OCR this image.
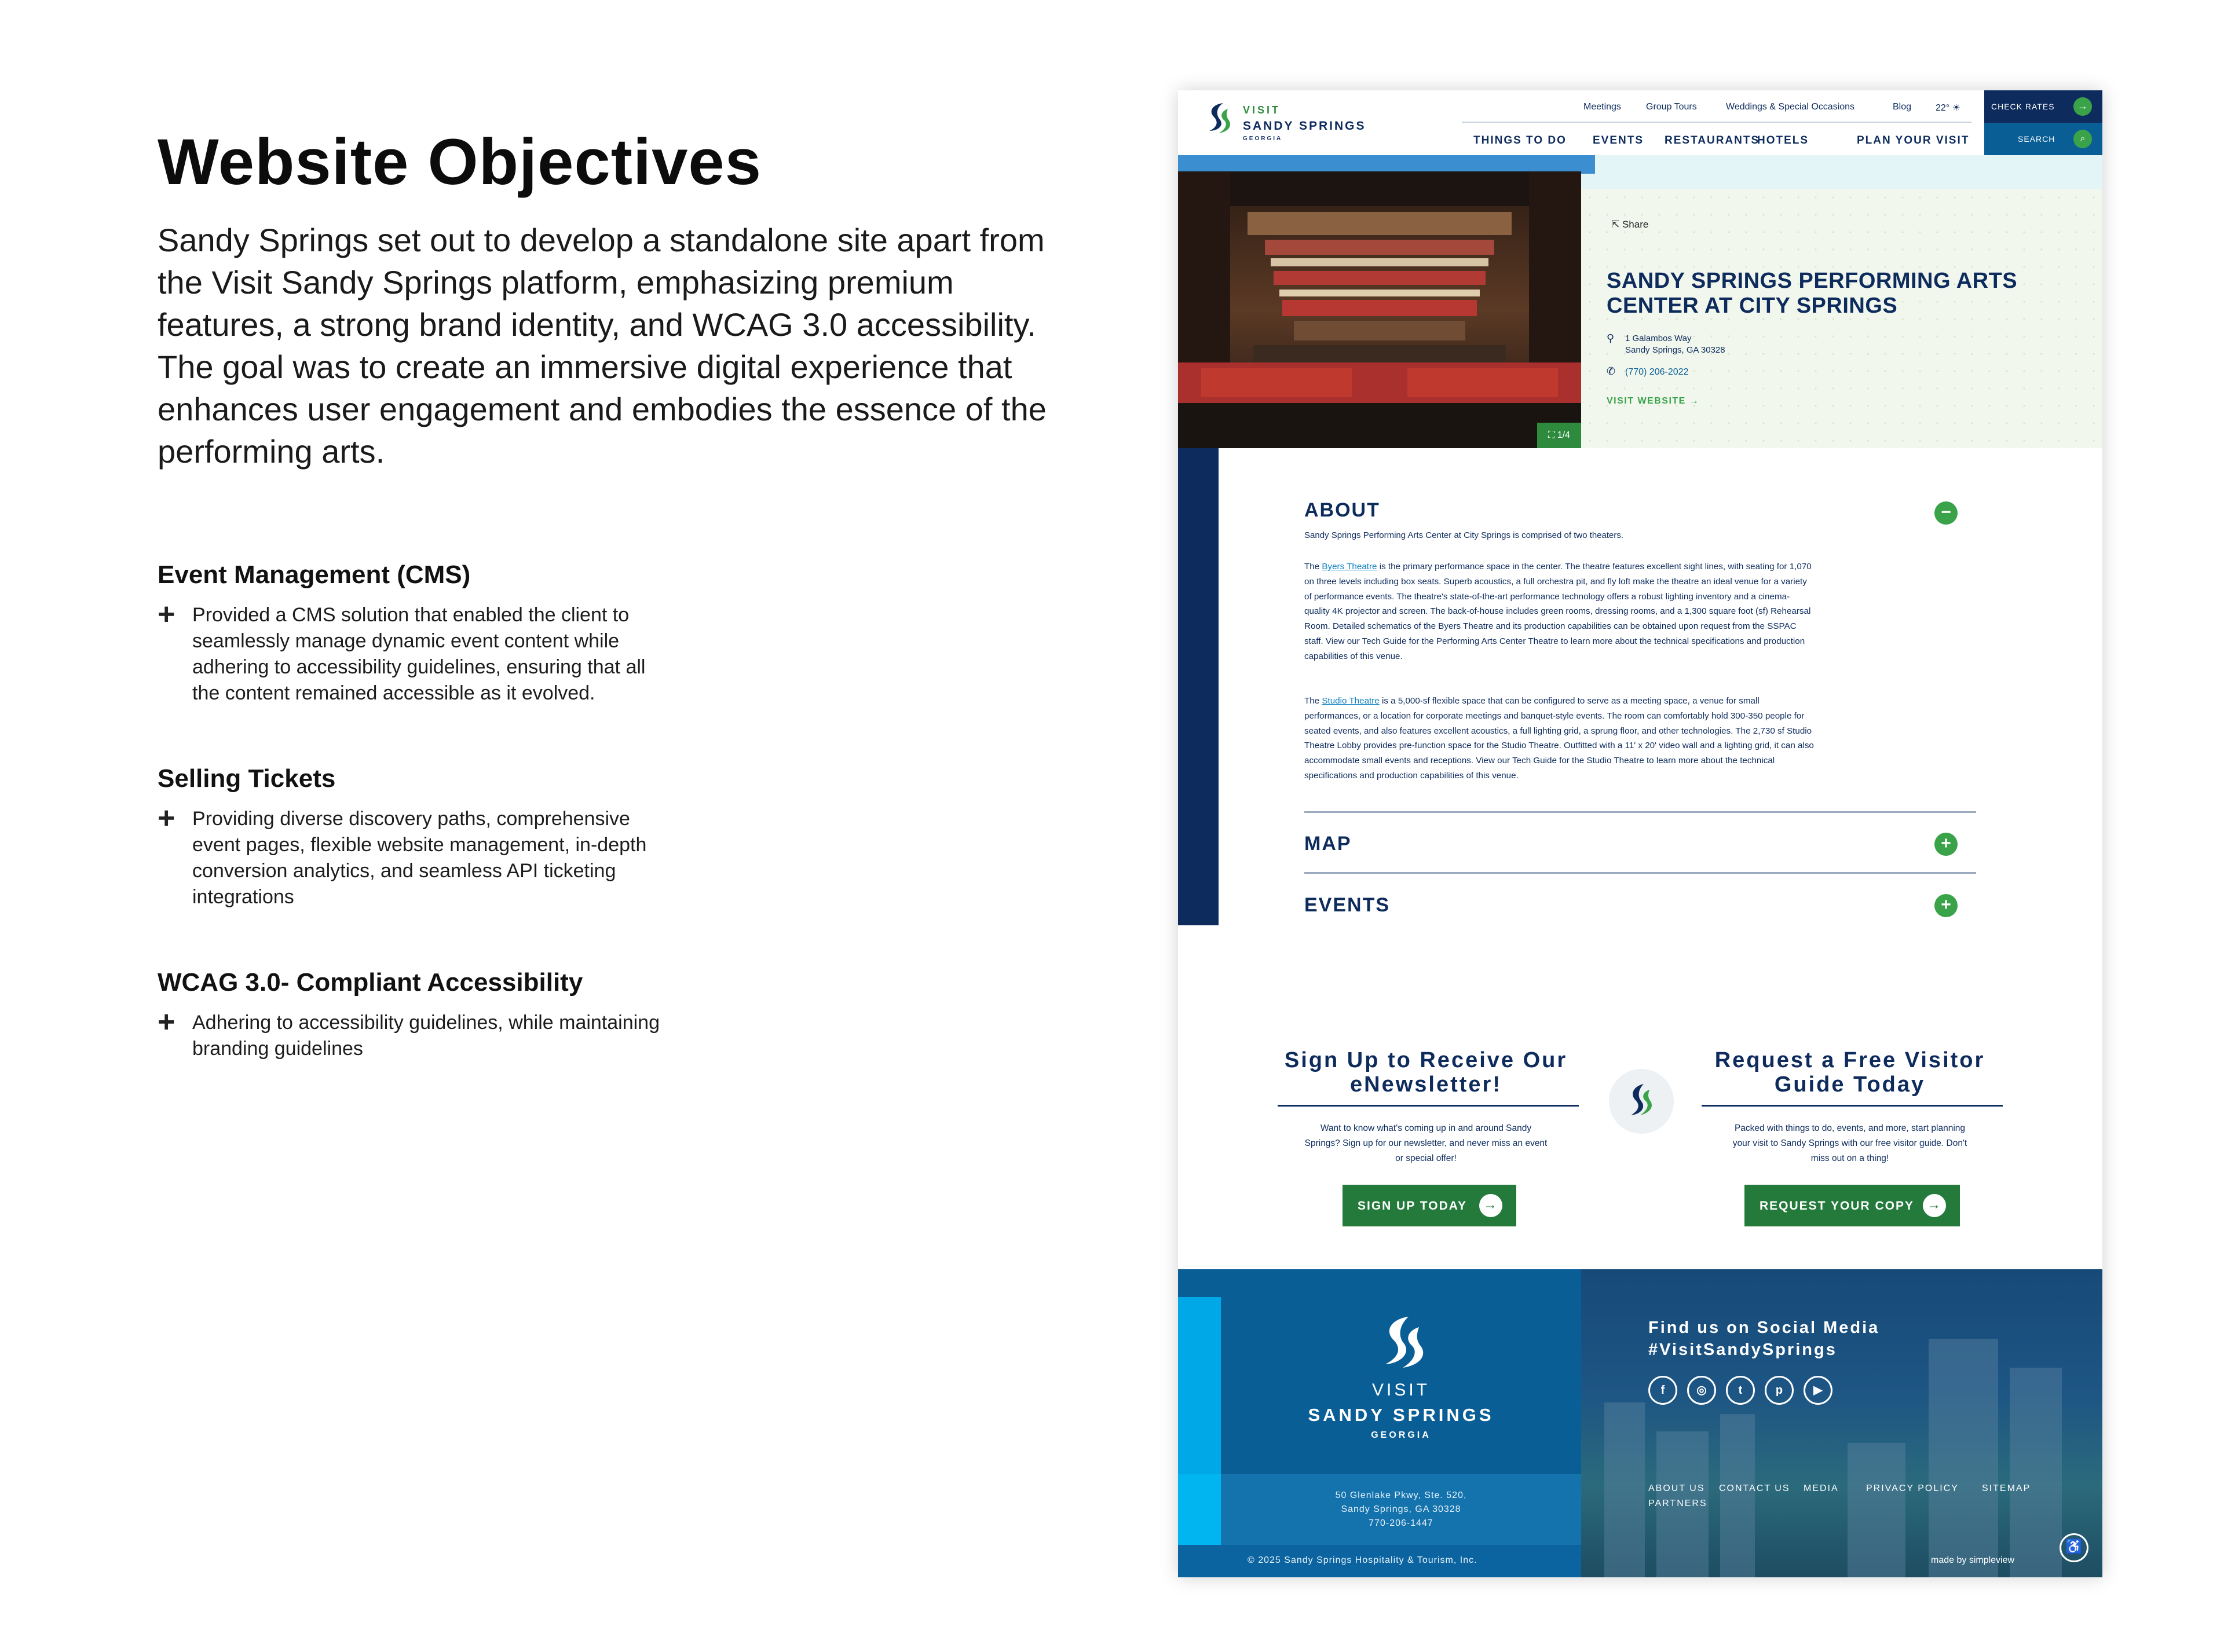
Website Objectives

Sandy Springs set out to develop a standalone site apart from the Visit Sandy Springs platform, emphasizing premium features, a strong brand identity, and WCAG 3.0 accessibility. The goal was to create an immersive digital experience that enhances user engagement and embodies the essence of the performing arts.

Event Management (CMS)
+ Provided a CMS solution that enabled the client to seamlessly manage dynamic event content while adhering to accessibility guidelines, ensuring that all the content remained accessible as it evolved.
Selling Tickets
+ Providing diverse discovery paths, comprehensive event pages, flexible website management, in-depth conversion analytics, and seamless API ticketing integrations
WCAG 3.0- Compliant Accessibility
+ Adhering to accessibility guidelines, while maintaining branding guidelines
VISIT
SANDY SPRINGS
GEORGIA
Meetings	Group Tours	Weddings & Special Occasions	Blog	22° ☀
THINGS TO DO EVENTS RESTAURANTS
HOTELS	PLAN YOUR VISIT
CHECK RATES	→
SEARCH	⌕
⛶ 1/4
⇱ Share
SANDY SPRINGS PERFORMING ARTS CENTER AT CITY SPRINGS
⚲ 1 Galambos Way
Sandy Springs, GA 30328
✆ (770) 206-2022
VISIT WEBSITE →
ABOUT	−
Sandy Springs Performing Arts Center at City Springs is comprised of two theaters.

The Byers Theatre is the primary performance space in the center. The theatre features excellent sight lines, with seating for 1,070 on three levels including box seats. Superb acoustics, a full orchestra pit, and fly loft make the theatre an ideal venue for a variety of performance events. The theatre's state-of-the-art performance technology offers a robust lighting inventory and a cinema-quality 4K projector and screen. The back-of-house includes green rooms, dressing rooms, and a 1,300 square foot (sf) Rehearsal Room. Detailed schematics of the Byers Theatre and its production capabilities can be obtained upon request from the SSPAC staff. View our Tech Guide for the Performing Arts Center Theatre to learn more about the technical specifications and production capabilities of this venue.

The Studio Theatre is a 5,000-sf flexible space that can be configured to serve as a meeting space, a venue for small performances, or a location for corporate meetings and banquet-style events. The room can comfortably hold 300-350 people for seated events, and also features excellent acoustics, a full lighting grid, a sprung floor, and other technologies. The 2,730 sf Studio Theatre Lobby provides pre-function space for the Studio Theatre. Outfitted with a 11' x 20' video wall and a lighting grid, it can also accommodate small events and receptions. View our Tech Guide for the Studio Theatre to learn more about the technical specifications and production capabilities of this venue.

MAP	+
EVENTS	+
Sign Up to Receive Our eNewsletter!

Want to know what's coming up in and around Sandy Springs? Sign up for our newsletter, and never miss an event or special offer!

SIGN UP TODAY →
Request a Free Visitor Guide Today

Packed with things to do, events, and more, start planning your visit to Sandy Springs with our free visitor guide. Don't miss out on a thing!

REQUEST YOUR COPY →
VISIT
SANDY SPRINGS
GEORGIA
50 Glenlake Pkwy, Ste. 520,
Sandy Springs, GA 30328
770-206-1447
© 2025 Sandy Springs Hospitality & Tourism, Inc.
Find us on Social Media
#VisitSandySprings
f	◎	t	p	▶
ABOUT US CONTACT US MEDIA	PRIVACY POLICY	SITEMAP
PARTNERS
made by simpleview
♿
